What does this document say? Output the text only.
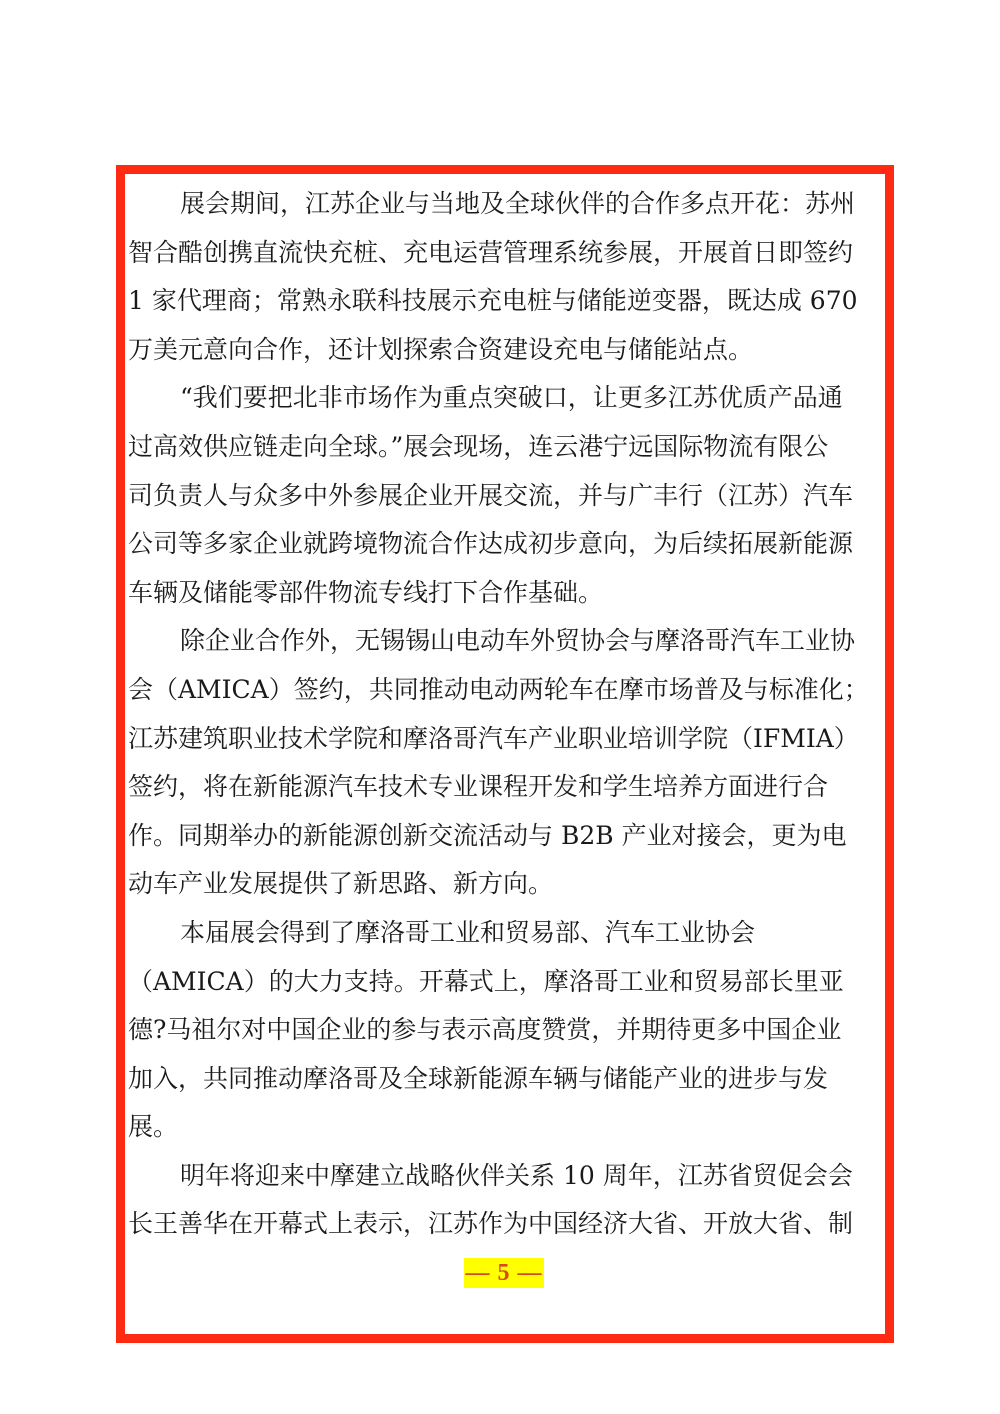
展会期间，江苏企业与当地及全球伙伴的合作多点开花：苏州
智合酷创携直流快充桩、充电运营管理系统参展，开展首日即签约
1 家代理商；常熟永联科技展示充电桩与储能逆变器，既达成 670
万美元意向合作，还计划探索合资建设充电与储能站点。
“我们要把北非市场作为重点突破口，让更多江苏优质产品通
过高效供应链走向全球。”展会现场，连云港宁远国际物流有限公
司负责人与众多中外参展企业开展交流，并与广丰行（江苏）汽车
公司等多家企业就跨境物流合作达成初步意向，为后续拓展新能源
车辆及储能零部件物流专线打下合作基础。
除企业合作外，无锡锡山电动车外贸协会与摩洛哥汽车工业协
会（AMICA）签约，共同推动电动两轮车在摩市场普及与标准化；
江苏建筑职业技术学院和摩洛哥汽车产业职业培训学院（IFMIA）
签约，将在新能源汽车技术专业课程开发和学生培养方面进行合
作。同期举办的新能源创新交流活动与 B2B 产业对接会，更为电
动车产业发展提供了新思路、新方向。
本届展会得到了摩洛哥工业和贸易部、汽车工业协会
（AMICA）的大力支持。开幕式上，摩洛哥工业和贸易部长里亚
德?马祖尔对中国企业的参与表示高度赞赏，并期待更多中国企业
加入，共同推动摩洛哥及全球新能源车辆与储能产业的进步与发
展。
明年将迎来中摩建立战略伙伴关系 10 周年，江苏省贸促会会
长王善华在开幕式上表示，江苏作为中国经济大省、开放大省、制
— 5 —
